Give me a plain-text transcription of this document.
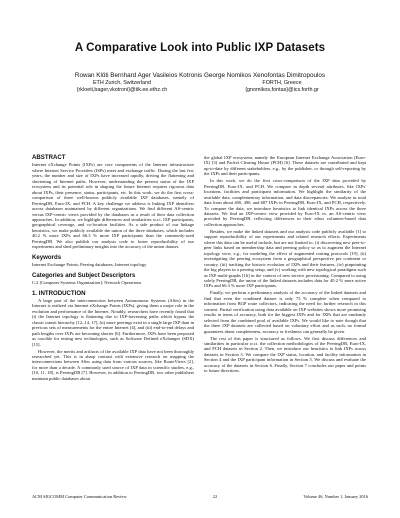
A Comparative Look into Public IXP Datasets
Rowan Klöti Bernhard Ager Vasileios Kotronis George Nomikos Xenofontas Dimitropoulos
ETH Zurich, Switzerland
{rkloeti,bager,vkotroni}@tik.ee.ethz.ch
FORTH, Greece
{gnomikos,fontas}@ics.forth.gr
ABSTRACT

Internet eXchange Points (IXPs) are core components of the Internet infrastructure where Internet Service Providers (ISPs) meet and exchange traffic. During the last few years, the number and size of IXPs have increased rapidly, driving the flattening and shortening of Internet paths. However, understanding the present status of the IXP ecosystem and its potential role in shaping the future Internet requires rigorous data about IXPs, their presence, status, participants, etc. In this work, we do the first cross-comparison of three well-known publicly available IXP databases, namely of PeeringDB, Euro-IX, and PCH. A key challenge we address is linking IXP identifiers across databases maintained by different organizations. We find different AS-centric versus IXP-centric views provided by the databases as a result of their data collection approaches. In addition, we highlight differences and similarities w.r.t. IXP participants, geographical coverage, and co-location facilities. As a side product of our linkage heuristics, we make publicly available the union of the three databases, which includes 40.2 % more IXPs and 66.3 % more IXP participants than the commonly-used PeeringDB. We also publish our analysis code to foster reproducibility of our experiments and shed preliminary insights into the accuracy of the union dataset.

Keywords

Internet Exchange Points; Peering databases; Internet topology

Categories and Subject Descriptors

C.2 [Computer Systems Organization]: Network Operations

1. INTRODUCTION

A large part of the interconnection between Autonomous Systems (ASes) in the Internet is realized via Internet eXchange Points (IXPs), giving them a major role in the evolution and performance of the Internet. Notably, researchers have recently found that (i) the Internet topology is flattening due to IXP-traversing paths which bypass the classic transit hierarchy [12–14, 17], (ii) more peerings exist in a single large IXP than in previous sets of measurements for the entire Internet [4], and (iii) end-to-end delays and path lengths over IXPs are becoming shorter [6]. Furthermore, IXPs have been proposed as crucible for testing new technologies, such as Software Defined eXchanges (SDX) [15].

However, the merits and artifacts of the available IXP data have not been thoroughly researched yet. This is in sharp contrast with extensive research on mapping the interconnections between ASes using data from various sources, like RouteViews [2], for more than a decade. A commonly used source of IXP data in scientific studies, e.g., [10, 11, 18], is PeeringDB [7]. However, in addition to PeeringDB, two other publishers maintain public databases about

the global IXP ecosystem, namely the European Internet Exchange Association (Euro-IX) [3] and Packet Clearing House (PCH) [6]. These datasets are contributed and kept up-to-date by different stakeholders, e.g., by the publisher, or through self-reporting by the IXPs and their participants.

In this work, we do the first cross-comparison of the IXP data provided by PeeringDB, Euro-IX, and PCH. We compare in depth several attributes, like IXPs' locations, facilities and participant information. We highlight the similarity of the available data, complementary information, and data discrepancies. We analyze in total data from about 400, 490, and 687 IXPs in PeeringDB, Euro-IX, and PCH, respectively. To compare the data, we introduce heuristics to link identical IXPs across the three datasets. We find an IXP-centric view provided by Euro-IX vs. an AS-centric view provided by PeeringDB, reflecting differences in their ethos volunteer-based data collection approaches.

Besides, we make the linked datasets and our analysis code publicly available [1] to support reproducibility of our experiments and related research efforts. Experiments where this data can be useful include, but are not limited to, (i) discovering new peer-to-peer links based on membership data and peering policy so as to augment the Internet topology view, e.g., for modeling the effect of augmented routing protocols [19], (ii) investigating the peering ecosystem from a geographical perspective per continent or country, (iii) tracking the historic evolution of IXPs and their features, (iv) pinpointing the big players in a peering setup, and (v) working with new topological paradigms such as IXP multi-graphs [16] in the context of new service provisioning. Compared to using solely PeeringDB, the union of the linked datasets includes data for 40.2 % more active IXPs and 66.3 % more IXP participants.

Finally, we perform a preliminary analysis of the accuracy of the linked datasets and find that even the combined dataset is only 75 % complete when compared to information from BGP route collectors, indicating the need for further research in this context. Partial verification using data available on IXP websites shows more promising results in terms of accuracy, both for the biggest IXPs and for IXPs that are randomly selected from the combined pool of available IXPs. We would like to note though that the three IXP datasets are collected based on voluntary effort and as such, no formal guarantees about completeness, accuracy or freshness can generally be given.

The rest of this paper is structured as follows. We first discuss differences and similarities in particular w.r.t. the collection methodologies of the PeeringDB, Euro-IX, and PCH datasets in Section 2. Then, we introduce our heuristics to link IXPs across datasets in Section 3. We compare the IXP status, location, and facility information in Section 4 and the IXP participant information in Section 5. We discuss and evaluate the accuracy of the datasets in Section 6. Finally, Section 7 concludes our paper and points to future directions.

ACM SIGCOMM Computer Communication Review	22	Volume 46, Number 1, January 2016
